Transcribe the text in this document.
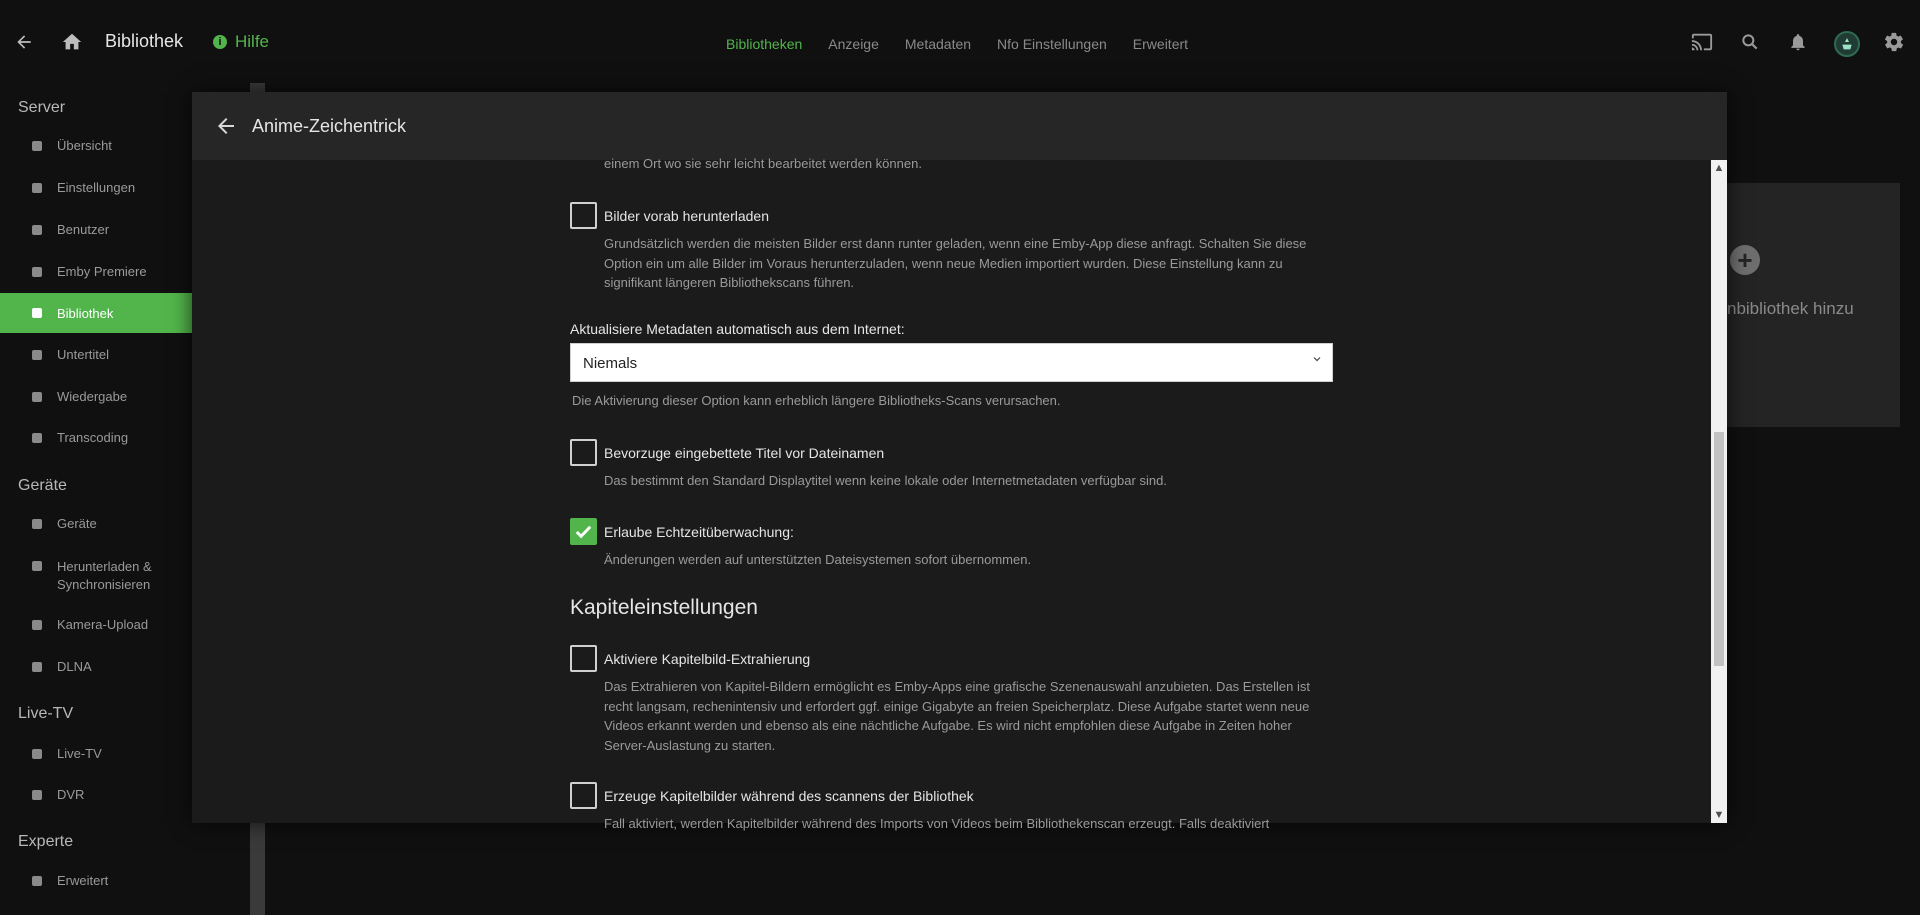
Bibliothek	i Hilfe	Bibliotheken Anzeige Metadaten Nfo Einstellungen Erweitert
Server
Übersicht
Einstellungen
Benutzer
Emby Premiere
Bibliothek
Untertitel
Wiedergabe
Transcoding
Geräte
Geräte
Herunterladen & Synchronisieren
Kamera-Upload
DLNA
Live-TV
Live-TV
DVR
Experte
Erweitert
+
nbibliothek hinzu
Anime-Zeichentrick
einem Ort wo sie sehr leicht bearbeitet werden können.
Bilder vorab herunterladen
Grundsätzlich werden die meisten Bilder erst dann runter geladen, wenn eine Emby-App diese anfragt. Schalten Sie diese Option ein um alle Bilder im Voraus herunterzuladen, wenn neue Medien importiert wurden. Diese Einstellung kann zu signifikant längeren Bibliothekscans führen.
Aktualisiere Metadaten automatisch aus dem Internet:
Niemals
Die Aktivierung dieser Option kann erheblich längere Bibliotheks-Scans verursachen.
Bevorzuge eingebettete Titel vor Dateinamen
Das bestimmt den Standard Displaytitel wenn keine lokale oder Internetmetadaten verfügbar sind.
Erlaube Echtzeitüberwachung:
Änderungen werden auf unterstützten Dateisystemen sofort übernommen.
Kapiteleinstellungen
Aktiviere Kapitelbild-Extrahierung
Das Extrahieren von Kapitel-Bildern ermöglicht es Emby-Apps eine grafische Szenenauswahl anzubieten. Das Erstellen ist recht langsam, rechenintensiv und erfordert ggf. einige Gigabyte an freien Speicherplatz. Diese Aufgabe startet wenn neue Videos erkannt werden und ebenso als eine nächtliche Aufgabe. Es wird nicht empfohlen diese Aufgabe in Zeiten hoher Server-Auslastung zu starten.
Erzeuge Kapitelbilder während des scannens der Bibliothek
Fall aktiviert, werden Kapitelbilder während des Imports von Videos beim Bibliothekenscan erzeugt. Falls deaktiviert
▲
▼
